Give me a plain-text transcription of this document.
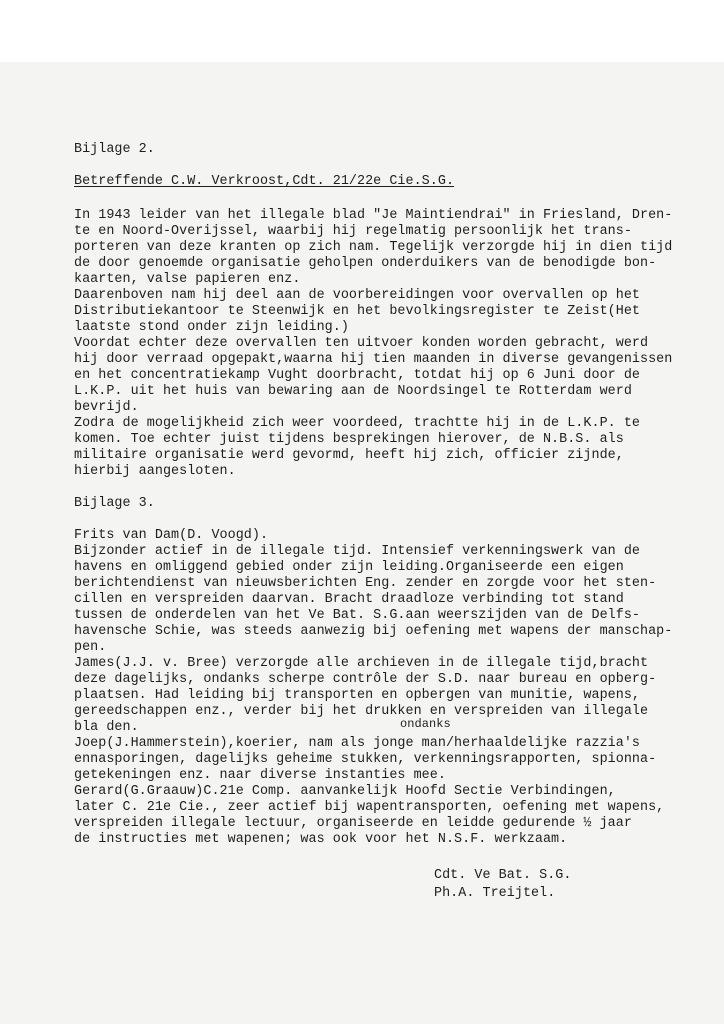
Bijlage 2.
Betreffende C.W. Verkroost,Cdt. 21/22e Cie.S.G.
In 1943 leider van het illegale blad "Je Maintiendrai" in Friesland, Dren-
te en Noord-Overijssel, waarbij hij regelmatig persoonlijk het trans-
porteren van deze kranten op zich nam. Tegelijk verzorgde hij in dien tijd
de door genoemde organisatie geholpen onderduikers van de benodigde bon-
kaarten, valse papieren enz.
Daarenboven nam hij deel aan de voorbereidingen voor overvallen op het
Distributiekantoor te Steenwijk en het bevolkingsregister te Zeist(Het
laatste stond onder zijn leiding.)
Voordat echter deze overvallen ten uitvoer konden worden gebracht, werd
hij door verraad opgepakt,waarna hij tien maanden in diverse gevangenissen
en het concentratiekamp Vught doorbracht, totdat hij op 6 Juni door de
L.K.P. uit het huis van bewaring aan de Noordsingel te Rotterdam werd
bevrijd.
Zodra de mogelijkheid zich weer voordeed, trachtte hij in de L.K.P. te
komen. Toe echter juist tijdens besprekingen hierover, de N.B.S. als
militaire organisatie werd gevormd, heeft hij zich, officier zijnde,
hierbij aangesloten.
Bijlage 3.
Frits van Dam(D. Voogd).
Bijzonder actief in de illegale tijd. Intensief verkenningswerk van de
havens en omliggend gebied onder zijn leiding.Organiseerde een eigen
berichtendienst van nieuwsberichten Eng. zender en zorgde voor het sten-
cillen en verspreiden daarvan. Bracht draadloze verbinding tot stand
tussen de onderdelen van het Ve Bat. S.G.aan weerszijden van de Delfs-
havensche Schie, was steeds aanwezig bij oefening met wapens der manschap-
pen.
James(J.J. v. Bree) verzorgde alle archieven in de illegale tijd,bracht
deze dagelijks, ondanks scherpe contrôle der S.D. naar bureau en opberg-
plaatsen. Had leiding bij transporten en opbergen van munitie, wapens,
gereedschappen enz., verder bij het drukken en verspreiden van illegale
bla den.	ondanks
Joep(J.Hammerstein),koerier, nam als jonge man/herhaaldelijke razzia's
ennasporingen, dagelijks geheime stukken, verkenningsrapporten, spionna-
getekeningen enz. naar diverse instanties mee.
Gerard(G.Graauw)C.21e Comp. aanvankelijk Hoofd Sectie Verbindingen,
later C. 21e Cie., zeer actief bij wapentransporten, oefening met wapens,
verspreiden illegale lectuur, organiseerde en leidde gedurende ½ jaar
de instructies met wapenen; was ook voor het N.S.F. werkzaam.
Cdt. Ve Bat. S.G.
Ph.A. Treijtel.
